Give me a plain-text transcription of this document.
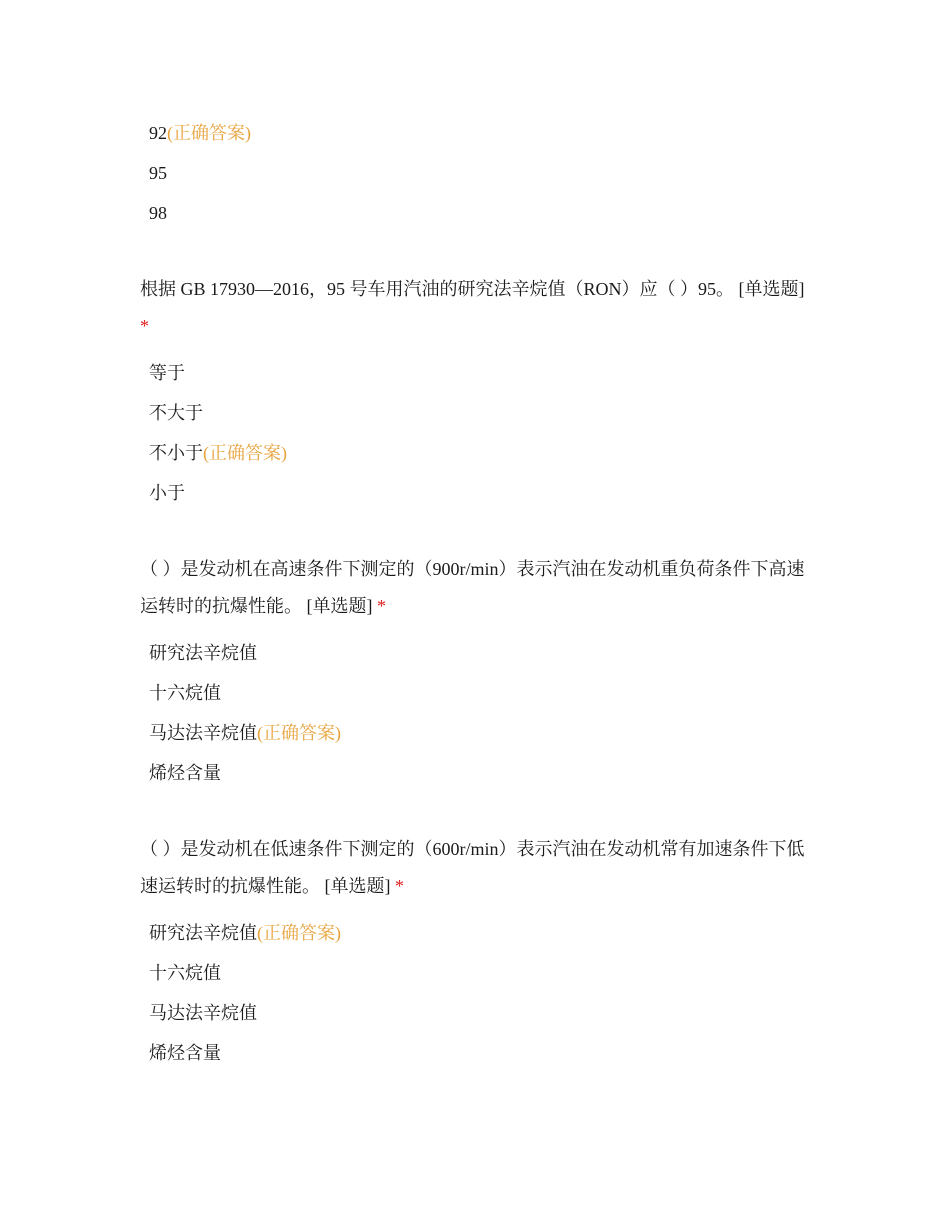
92(正确答案)
95
98
根据 GB 17930—2016，95 号车用汽油的研究法辛烷值（RON）应（ ）95。 [单选题] *
等于
不大于
不小于(正确答案)
小于
（ ）是发动机在高速条件下测定的（900r/min）表示汽油在发动机重负荷条件下高速运转时的抗爆性能。 [单选题] *
研究法辛烷值
十六烷值
马达法辛烷值(正确答案)
烯烃含量
（ ）是发动机在低速条件下测定的（600r/min）表示汽油在发动机常有加速条件下低速运转时的抗爆性能。 [单选题] *
研究法辛烷值(正确答案)
十六烷值
马达法辛烷值
烯烃含量
